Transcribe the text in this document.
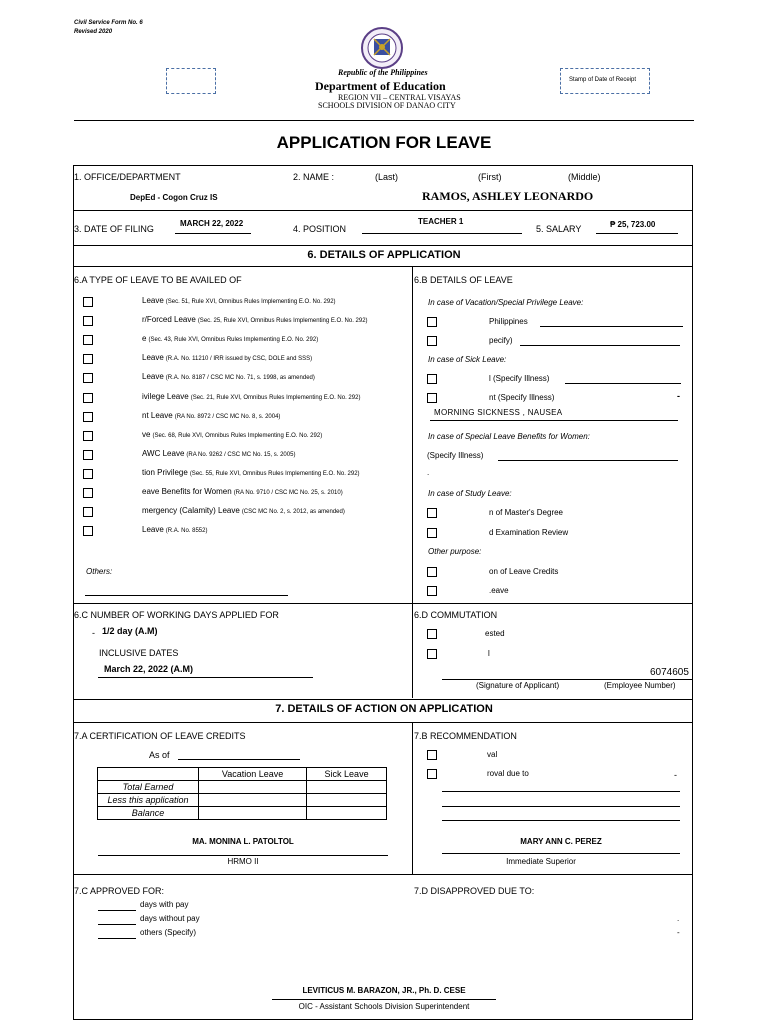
Civil Service Form No. 6
Revised 2020
Republic of the Philippines
Department of Education
REGION VII – CENTRAL VISAYAS
SCHOOLS DIVISION OF DANAO CITY
Stamp of Date of Receipt
APPLICATION FOR LEAVE
1. OFFICE/DEPARTMENT
DepEd - Cogon Cruz IS
2. NAME :	(Last)	(First)	(Middle)
RAMOS, ASHLEY LEONARDO
3. DATE OF FILING
MARCH 22, 2022
4. POSITION
TEACHER 1
5. SALARY	₱ 25, 723.00
6. DETAILS OF APPLICATION
6.A TYPE OF LEAVE TO BE AVAILED OF
Leave (Sec. 51, Rule XVI, Omnibus Rules Implementing E.O. No. 292)
r/Forced Leave (Sec. 25, Rule XVI, Omnibus Rules Implementing E.O. No. 292)
e (Sec. 43, Rule XVI, Omnibus Rules Implementing E.O. No. 292)
Leave (R.A. No. 11210 / IRR issued by CSC, DOLE and SSS)
Leave (R.A. No. 8187 / CSC MC No. 71, s. 1998, as amended)
ivilege Leave (Sec. 21, Rule XVI, Omnibus Rules Implementing E.O. No. 292)
nt Leave (RA No. 8972 / CSC MC No. 8, s. 2004)
ve (Sec. 68, Rule XVI, Omnibus Rules Implementing E.O. No. 292)
AWC Leave (RA No. 9262 / CSC MC No. 15, s. 2005)
tion Privilege (Sec. 55, Rule XVI, Omnibus Rules Implementing E.O. No. 292)
eave Benefits for Women (RA No. 9710 / CSC MC No. 25, s. 2010)
mergency (Calamity) Leave (CSC MC No. 2, s. 2012, as amended)
Leave (R.A. No. 8552)
Others:
6.B DETAILS OF LEAVE
In case of Vacation/Special Privilege Leave:
Philippines
pecify)
In case of Sick Leave:
l (Specify Illness)
nt (Specify Illness)	-
MORNING SICKNESS , NAUSEA
In case of Special Leave Benefits for Women:
(Specify Illness)
.
In case of Study Leave:
n of Master's Degree
d Examination Review
Other purpose:
on of Leave Credits
.eave
6.C NUMBER OF WORKING DAYS APPLIED FOR
- 1/2 day (A.M)
INCLUSIVE DATES
March 22, 2022 (A.M)
6.D COMMUTATION
ested
l
6074605
(Signature of Applicant)	(Employee Number)
7. DETAILS OF ACTION ON APPLICATION
7.A CERTIFICATION OF LEAVE CREDITS
As of
	Vacation Leave	Sick Leave
Total Earned		
Less this application		
Balance		
MA. MONINA L. PATOLTOL
HRMO II
7.B RECOMMENDATION
val
roval due to	-
MARY ANN C. PEREZ
Immediate Superior
7.C APPROVED FOR:
days with pay
days without pay
others (Specify)
7.D DISAPPROVED DUE TO:
.
-
LEVITICUS M. BARAZON, JR., Ph. D. CESE
OIC - Assistant Schools Division Superintendent
